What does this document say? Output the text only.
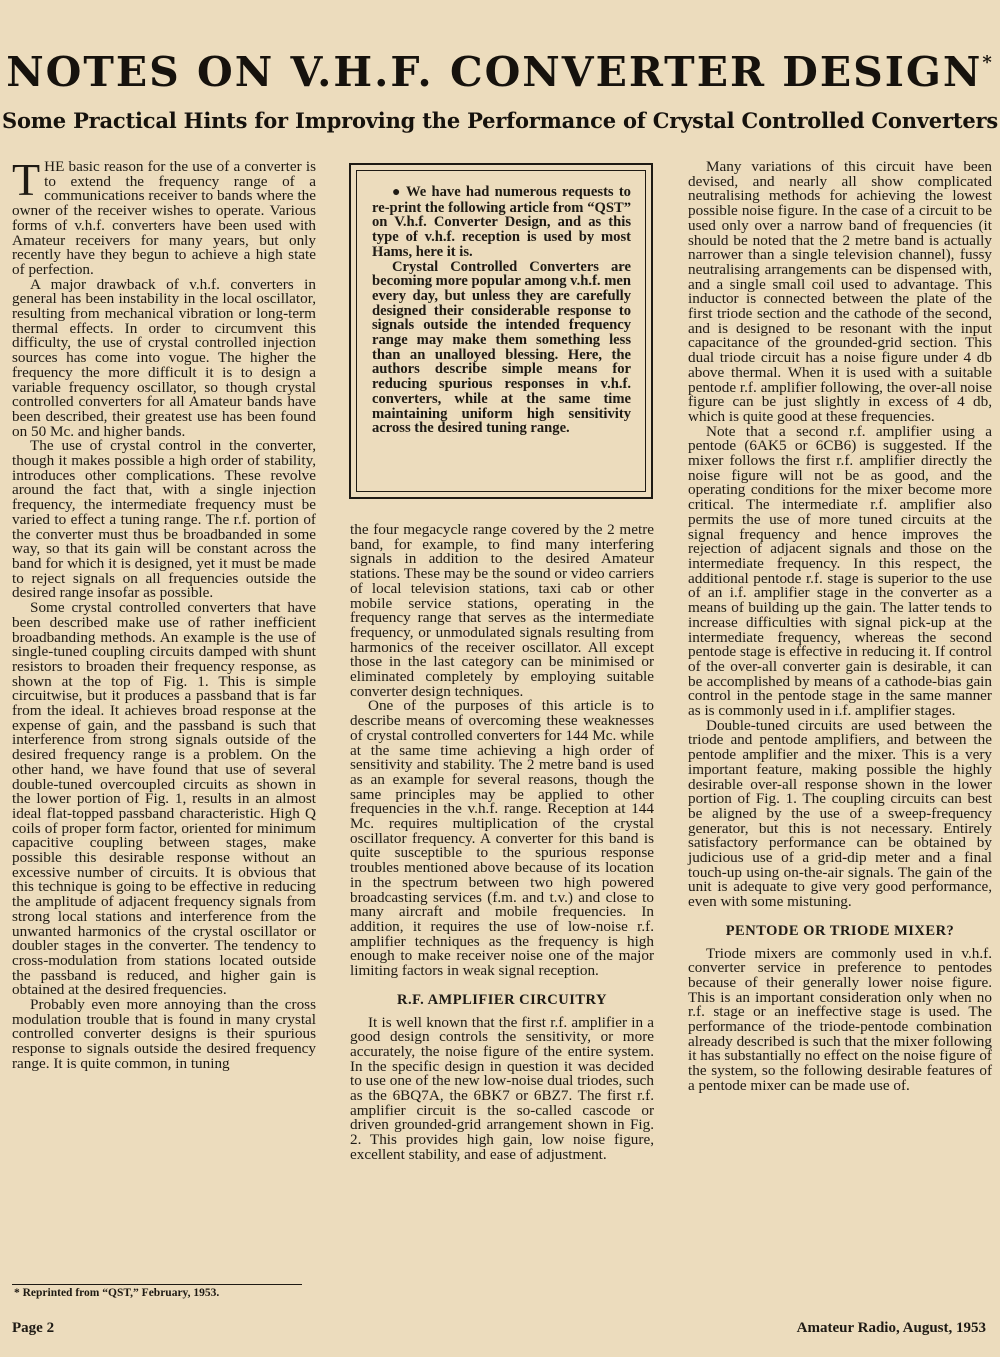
NOTES ON V.H.F. CONVERTER DESIGN*
Some Practical Hints for Improving the Performance of Crystal Controlled Converters

THE basic reason for the use of a converter is to extend the frequency range of a communications receiver to bands where the owner of the receiver wishes to operate. Various forms of v.h.f. converters have been used with Amateur receivers for many years, but only recently have they begun to achieve a high state of perfection.

A major drawback of v.h.f. converters in general has been instability in the local oscillator, resulting from mechanical vibration or long-term thermal effects. In order to circumvent this difficulty, the use of crystal controlled injection sources has come into vogue. The higher the frequency the more difficult it is to design a variable frequency oscillator, so though crystal controlled converters for all Amateur bands have been described, their greatest use has been found on 50 Mc. and higher bands.

The use of crystal control in the converter, though it makes possible a high order of stability, introduces other complications. These revolve around the fact that, with a single injection frequency, the intermediate frequency must be varied to effect a tuning range. The r.f. portion of the converter must thus be broadbanded in some way, so that its gain will be constant across the band for which it is designed, yet it must be made to reject signals on all frequencies outside the desired range insofar as possible.

Some crystal controlled converters that have been described make use of rather inefficient broadbanding methods. An example is the use of single-tuned coupling circuits damped with shunt resistors to broaden their frequency response, as shown at the top of Fig. 1. This is simple circuitwise, but it produces a passband that is far from the ideal. It achieves broad response at the expense of gain, and the passband is such that interference from strong signals outside of the desired frequency range is a problem. On the other hand, we have found that use of several double-tuned overcoupled circuits as shown in the lower portion of Fig. 1, results in an almost ideal flat-topped passband characteristic. High Q coils of proper form factor, oriented for minimum capacitive coupling between stages, make possible this desirable response without an excessive number of circuits. It is obvious that this technique is going to be effective in reducing the amplitude of adjacent frequency signals from strong local stations and interference from the unwanted harmonics of the crystal oscillator or doubler stages in the converter. The tendency to cross-modulation from stations located outside the passband is reduced, and higher gain is obtained at the desired frequencies.

Probably even more annoying than the cross modulation trouble that is found in many crystal controlled converter designs is their spurious response to signals outside the desired frequency range. It is quite common, in tuning

● We have had numerous requests to re-print the following article from “QST” on V.h.f. Converter Design, and as this type of v.h.f. reception is used by most Hams, here it is.

Crystal Controlled Converters are becoming more popular among v.h.f. men every day, but unless they are carefully designed their considerable response to signals outside the intended frequency range may make them something less than an unalloyed blessing. Here, the authors describe simple means for reducing spurious responses in v.h.f. converters, while at the same time maintaining uniform high sensitivity across the desired tuning range.

the four megacycle range covered by the 2 metre band, for example, to find many interfering signals in addition to the desired Amateur stations. These may be the sound or video carriers of local television stations, taxi cab or other mobile service stations, operating in the frequency range that serves as the intermediate frequency, or unmodulated signals resulting from harmonics of the receiver oscillator. All except those in the last category can be minimised or eliminated completely by employing suitable converter design techniques.

One of the purposes of this article is to describe means of overcoming these weaknesses of crystal controlled converters for 144 Mc. while at the same time achieving a high order of sensitivity and stability. The 2 metre band is used as an example for several reasons, though the same principles may be applied to other frequencies in the v.h.f. range. Reception at 144 Mc. requires multiplication of the crystal oscillator frequency. A converter for this band is quite susceptible to the spurious response troubles mentioned above because of its location in the spectrum between two high powered broadcasting services (f.m. and t.v.) and close to many aircraft and mobile frequencies. In addition, it requires the use of low-noise r.f. amplifier techniques as the frequency is high enough to make receiver noise one of the major limiting factors in weak signal reception.

R.F. AMPLIFIER CIRCUITRY

It is well known that the first r.f. amplifier in a good design controls the sensitivity, or more accurately, the noise figure of the entire system. In the specific design in question it was decided to use one of the new low-noise dual triodes, such as the 6BQ7A, the 6BK7 or 6BZ7. The first r.f. amplifier circuit is the so-called cascode or driven grounded-grid arrangement shown in Fig. 2. This provides high gain, low noise figure, excellent stability, and ease of adjustment.

Many variations of this circuit have been devised, and nearly all show complicated neutralising methods for achieving the lowest possible noise figure. In the case of a circuit to be used only over a narrow band of frequencies (it should be noted that the 2 metre band is actually narrower than a single television channel), fussy neutralising arrangements can be dispensed with, and a single small coil used to advantage. This inductor is connected between the plate of the first triode section and the cathode of the second, and is designed to be resonant with the input capacitance of the grounded-grid section. This dual triode circuit has a noise figure under 4 db above thermal. When it is used with a suitable pentode r.f. amplifier following, the over-all noise figure can be just slightly in excess of 4 db, which is quite good at these frequencies.

Note that a second r.f. amplifier using a pentode (6AK5 or 6CB6) is suggested. If the mixer follows the first r.f. amplifier directly the noise figure will not be as good, and the operating conditions for the mixer become more critical. The intermediate r.f. amplifier also permits the use of more tuned circuits at the signal frequency and hence improves the rejection of adjacent signals and those on the intermediate frequency. In this respect, the additional pentode r.f. stage is superior to the use of an i.f. amplifier stage in the converter as a means of building up the gain. The latter tends to increase difficulties with signal pick-up at the intermediate frequency, whereas the second pentode stage is effective in reducing it. If control of the over-all converter gain is desirable, it can be accomplished by means of a cathode-bias gain control in the pentode stage in the same manner as is commonly used in i.f. amplifier stages.

Double-tuned circuits are used between the triode and pentode amplifiers, and between the pentode amplifier and the mixer. This is a very important feature, making possible the highly desirable over-all response shown in the lower portion of Fig. 1. The coupling circuits can best be aligned by the use of a sweep-frequency generator, but this is not necessary. Entirely satisfactory performance can be obtained by judicious use of a grid-dip meter and a final touch-up using on-the-air signals. The gain of the unit is adequate to give very good performance, even with some mistuning.

PENTODE OR TRIODE MIXER?

Triode mixers are commonly used in v.h.f. converter service in preference to pentodes because of their generally lower noise figure. This is an important consideration only when no r.f. stage or an ineffective stage is used. The performance of the triode-pentode combination already described is such that the mixer following it has substantially no effect on the noise figure of the system, so the following desirable features of a pentode mixer can be made use of.

* Reprinted from “QST,” February, 1953.
Page 2	Amateur Radio, August, 1953
